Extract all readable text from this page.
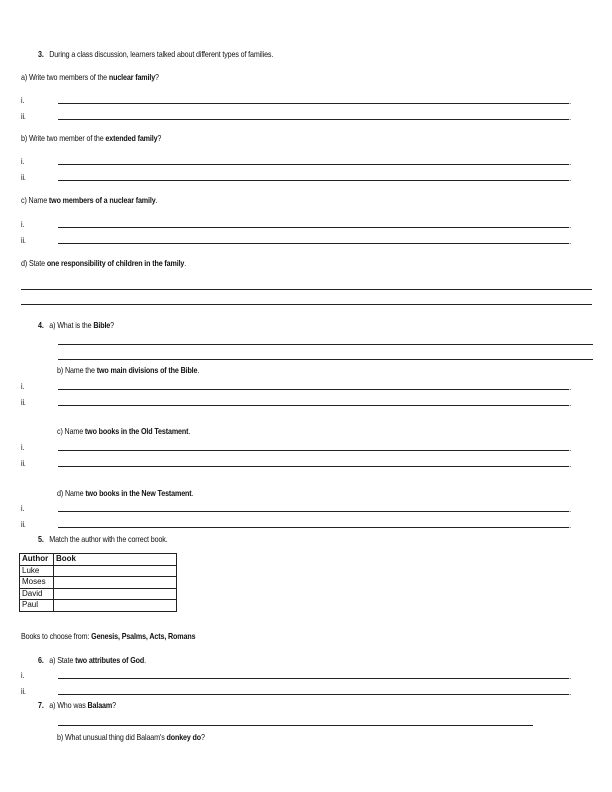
3. During a class discussion, learners talked about different types of families.
a) Write two members of the nuclear family?
i.	.
ii.	.
b) Write two member of the extended family?
i.	.
ii.	.
c) Name two members of a nuclear family.
i.	.
ii.	.
d) State one responsibility of children in the family.
4. a) What is the Bible?
b) Name the two main divisions of the Bible.
i.	.
ii.	.
c) Name two books in the Old Testament.
i.	.
ii.	.
d) Name two books in the New Testament.
i.	.
ii.	.
5. Match the author with the correct book.
Author	Book
Luke	
Moses	
David	
Paul	
Books to choose from: Genesis, Psalms, Acts, Romans
6. a) State two attributes of God.
i.	.
ii.	.
7. a) Who was Balaam?
b) What unusual thing did Balaam's donkey do?
